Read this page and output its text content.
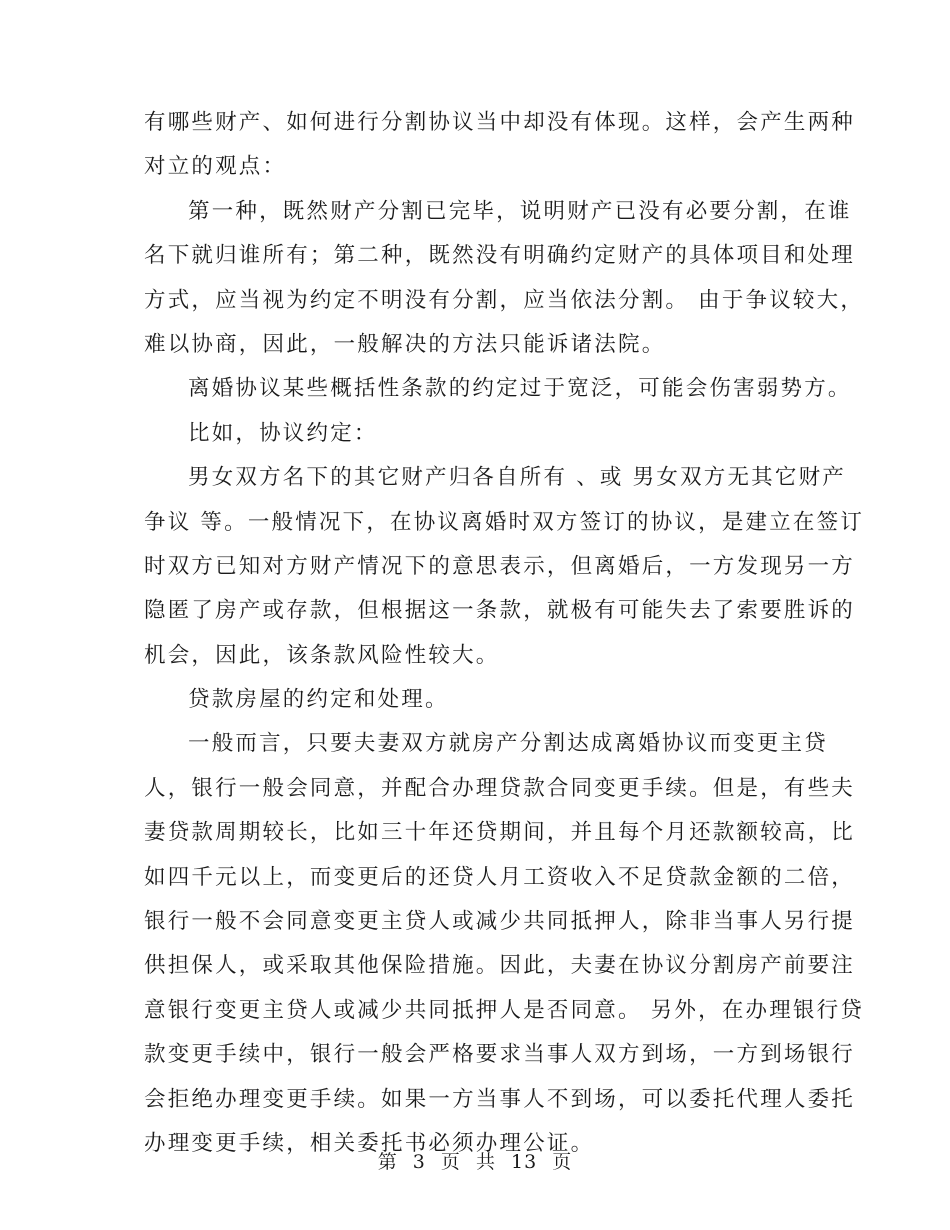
有哪些财产、如何进行分割协议当中却没有体现。这样，会产生两种
对立的观点：
第一种，既然财产分割已完毕，说明财产已没有必要分割，在谁
名下就归谁所有；第二种，既然没有明确约定财产的具体项目和处理
方式，应当视为约定不明没有分割，应当依法分割。 由于争议较大，
难以协商，因此，一般解决的方法只能诉诸法院。
离婚协议某些概括性条款的约定过于宽泛，可能会伤害弱势方。
比如，协议约定：
男女双方名下的其它财产归各自所有 、或 男女双方无其它财产
争议 等。一般情况下，在协议离婚时双方签订的协议，是建立在签订
时双方已知对方财产情况下的意思表示，但离婚后，一方发现另一方
隐匿了房产或存款，但根据这一条款，就极有可能失去了索要胜诉的
机会，因此，该条款风险性较大。
贷款房屋的约定和处理。
一般而言，只要夫妻双方就房产分割达成离婚协议而变更主贷
人，银行一般会同意，并配合办理贷款合同变更手续。但是，有些夫
妻贷款周期较长，比如三十年还贷期间，并且每个月还款额较高，比
如四千元以上，而变更后的还贷人月工资收入不足贷款金额的二倍，
银行一般不会同意变更主贷人或减少共同抵押人，除非当事人另行提
供担保人，或采取其他保险措施。因此，夫妻在协议分割房产前要注
意银行变更主贷人或减少共同抵押人是否同意。 另外，在办理银行贷
款变更手续中，银行一般会严格要求当事人双方到场，一方到场银行
会拒绝办理变更手续。如果一方当事人不到场，可以委托代理人委托
办理变更手续，相关委托书必须办理公证。

第 3 页 共 13 页
